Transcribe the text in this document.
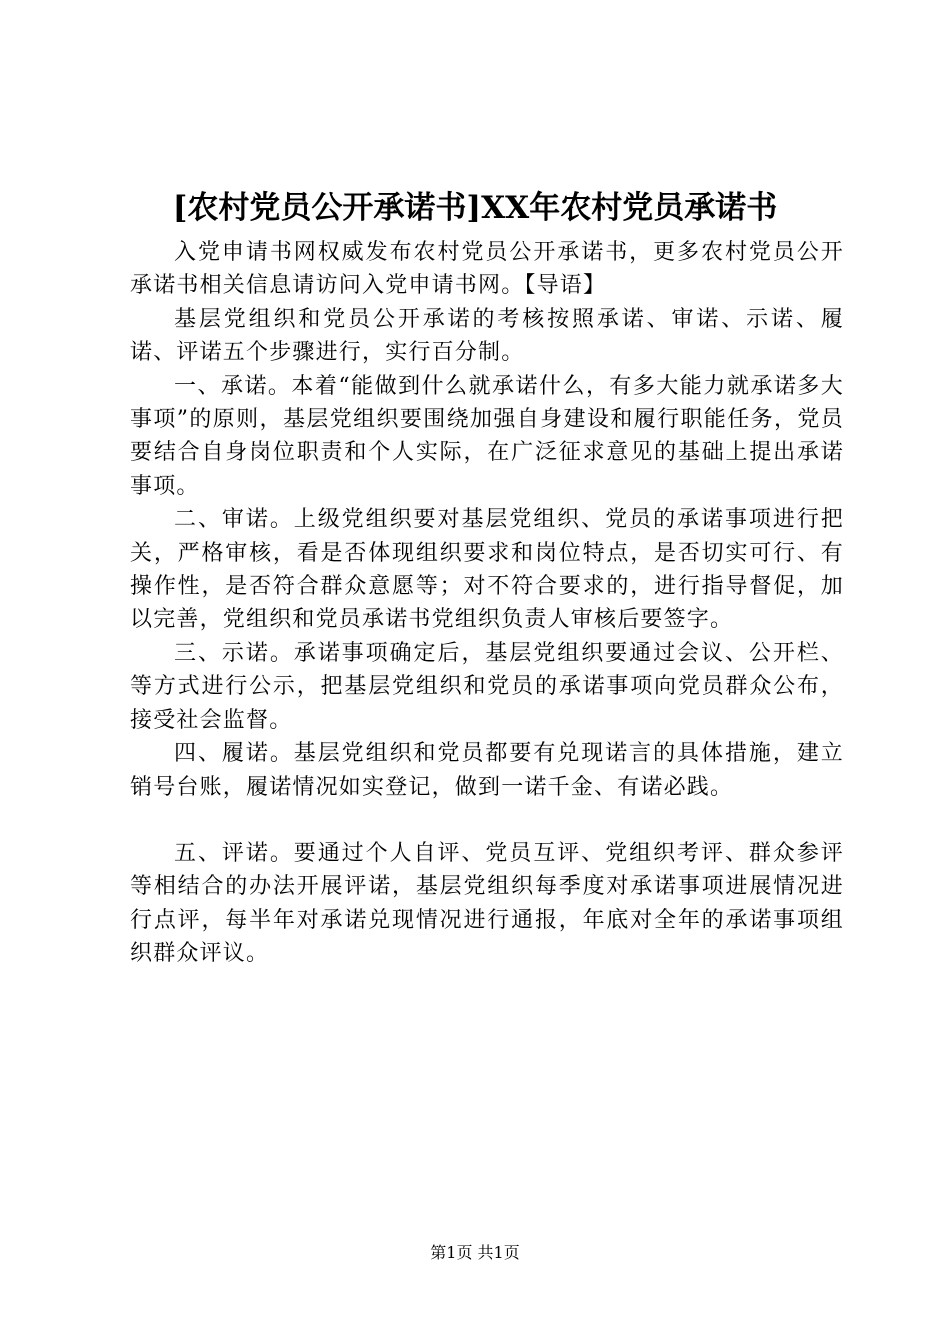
[农村党员公开承诺书]XX年农村党员承诺书

入党申请书网权威发布农村党员公开承诺书，更多农村党员公开承诺书相关信息请访问入党申请书网。【导语】

基层党组织和党员公开承诺的考核按照承诺、审诺、示诺、履诺、评诺五个步骤进行，实行百分制。

一、承诺。本着“能做到什么就承诺什么，有多大能力就承诺多大事项”的原则，基层党组织要围绕加强自身建设和履行职能任务，党员要结合自身岗位职责和个人实际，在广泛征求意见的基础上提出承诺事项。

二、审诺。上级党组织要对基层党组织、党员的承诺事项进行把关，严格审核，看是否体现组织要求和岗位特点，是否切实可行、有操作性，是否符合群众意愿等；对不符合要求的，进行指导督促，加以完善，党组织和党员承诺书党组织负责人审核后要签字。

三、示诺。承诺事项确定后，基层党组织要通过会议、公开栏、等方式进行公示，把基层党组织和党员的承诺事项向党员群众公布，接受社会监督。

四、履诺。基层党组织和党员都要有兑现诺言的具体措施，建立销号台账，履诺情况如实登记，做到一诺千金、有诺必践。

五、评诺。要通过个人自评、党员互评、党组织考评、群众参评等相结合的办法开展评诺，基层党组织每季度对承诺事项进展情况进行点评，每半年对承诺兑现情况进行通报，年底对全年的承诺事项组织群众评议。

第1页 共1页
